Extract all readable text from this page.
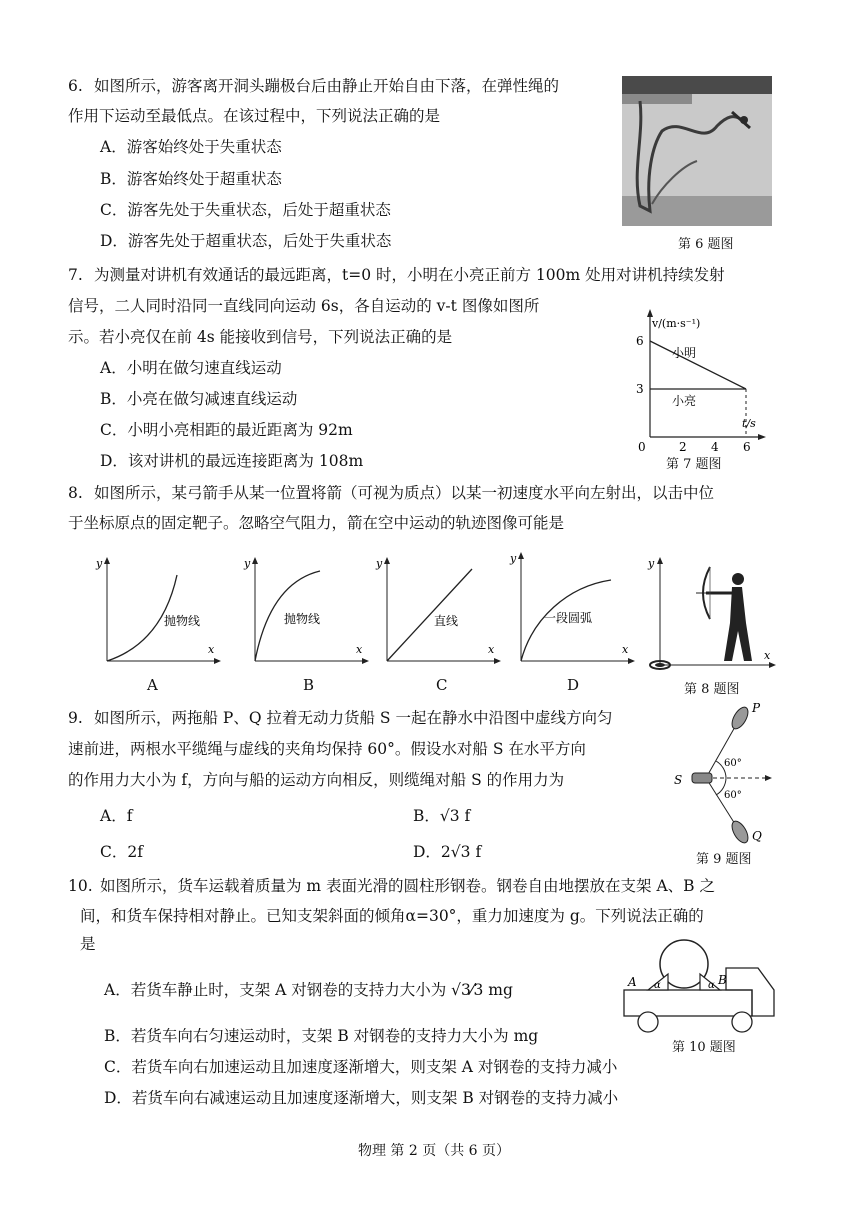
6. 如图所示，游客离开洞头蹦极台后由静止开始自由下落，在弹性绳的
作用下运动至最低点。在该过程中，下列说法正确的是
A．游客始终处于失重状态
B．游客始终处于超重状态
C．游客先处于失重状态，后处于超重状态
D．游客先处于超重状态，后处于失重状态	第 6 题图
7. 为测量对讲机有效通话的最远距离，t=0 时，小明在小亮正前方 100m 处用对讲机持续发射
信号，二人同时沿同一直线同向运动 6s，各自运动的 v-t 图像如图所
示。若小亮仅在前 4s 能接收到信号，下列说法正确的是
A．小明在做匀速直线运动
B．小亮在做匀减速直线运动
C．小明小亮相距的最近距离为 92m
D．该对讲机的最远连接距离为 108m
v/(m·s⁻¹)
t/s
0
6
3
2 4 6
小明
小亮
第 7 题图
8. 如图所示，某弓箭手从某一位置将箭（可视为质点）以某一初速度水平向左射出，以击中位
于坐标原点的固定靶子。忽略空气阻力，箭在空中运动的轨迹图像可能是
y
x
抛物线
y
x
抛物线
y
x
直线
y
x
一段圆弧
A	B	C	D
y
x
第 8 题图
9. 如图所示，两拖船 P、Q 拉着无动力货船 S 一起在静水中沿图中虚线方向匀
速前进，两根水平缆绳与虚线的夹角均保持 60°。假设水对船 S 在水平方向
的作用力大小为 f，方向与船的运动方向相反，则缆绳对船 S 的作用力为
A．f	B．√3 f
C．2f	D．2√3 f
P
Q
S
60°
60°
第 9 题图
10. 如图所示，货车运载着质量为 m 表面光滑的圆柱形钢卷。钢卷自由地摆放在支架 A、B 之
间，和货车保持相对静止。已知支架斜面的倾角α=30°，重力加速度为 g。下列说法正确的
是
A．若货车静止时，支架 A 对钢卷的支持力大小为 √3⁄3 mg
B．若货车向右匀速运动时，支架 B 对钢卷的支持力大小为 mg
C．若货车向右加速运动且加速度逐渐增大，则支架 A 对钢卷的支持力减小
D．若货车向右减速运动且加速度逐渐增大，则支架 B 对钢卷的支持力减小
A	B
α	α
第 10 题图
物理 第 2 页（共 6 页）
